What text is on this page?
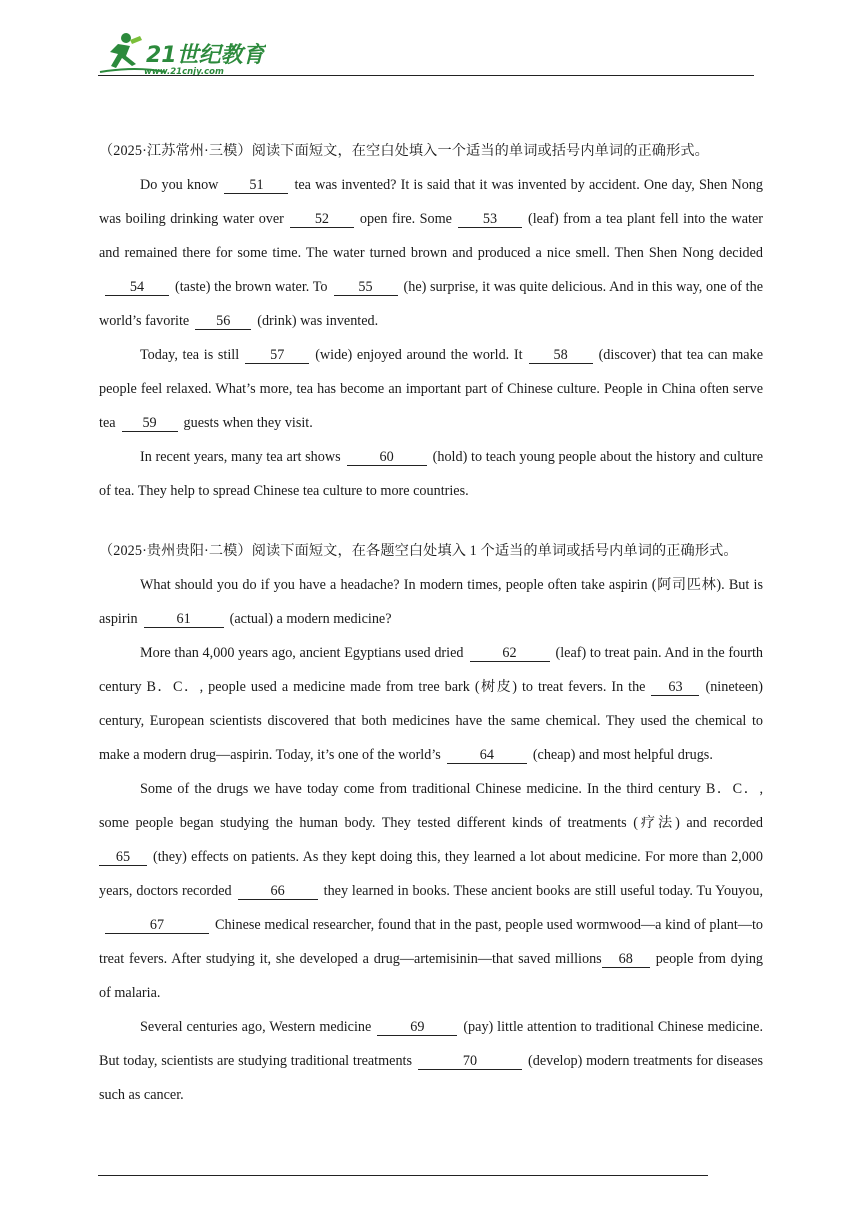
21世纪教育
www.21cnjy.com

（2025·江苏常州·三模）阅读下面短文，在空白处填入一个适当的单词或括号内单词的正确形式。

Do you know 51 tea was invented? It is said that it was invented by accident. One day, Shen Nong was boiling drinking water over 52 open fire. Some 53 (leaf) from a tea plant fell into the water and remained there for some time. The water turned brown and produced a nice smell. Then Shen Nong decided54 (taste) the brown water. To 55 (he) surprise, it was quite delicious. And in this way, one of the world’s favorite 56 (drink) was invented.

Today, tea is still 57 (wide) enjoyed around the world. It 58 (discover) that tea can make people feel relaxed. What’s more, tea has become an important part of Chinese culture. People in China often serve tea 59 guests when they visit.

In recent years, many tea art shows	60	(hold) to teach young people about the history and culture of tea. They help to spread Chinese tea culture to more countries.

（2025·贵州贵阳·二模）阅读下面短文，在各题空白处填入 1 个适当的单词或括号内单词的正确形式。

What should you do if you have a headache? In modern times, people often take aspirin (阿司匹林). But is aspirin	61	(actual) a modern medicine?

More than 4,000 years ago, ancient Egyptians used dried	62	(leaf) to treat pain. And in the fourth century B．C．, people used a medicine made from tree bark (树皮) to treat fevers. In the 63 (nineteen) century, European scientists discovered that both medicines have the same chemical. They used the chemical to make a modern drug—aspirin. Today, it’s one of the world’s	64	(cheap) and most helpful drugs.

Some of the drugs we have today come from traditional Chinese medicine. In the third century B．C．, some people began studying the human body. They tested different kinds of treatments (疗法) and recorded65 (they) effects on patients. As they kept doing this, they learned a lot about medicine. For more than 2,000 years, doctors recorded	66	they learned in books. These ancient books are still useful today. Tu Youyou,67	Chinese medical researcher, found that in the past, people used wormwood—a kind of plant—to treat fevers. After studying it, she developed a drug—artemisinin—that saved millions 68 people from dying of malaria.

Several centuries ago, Western medicine	69	(pay) little attention to traditional Chinese medicine. But today, scientists are studying traditional treatments	70	(develop) modern treatments for diseases such as cancer.
